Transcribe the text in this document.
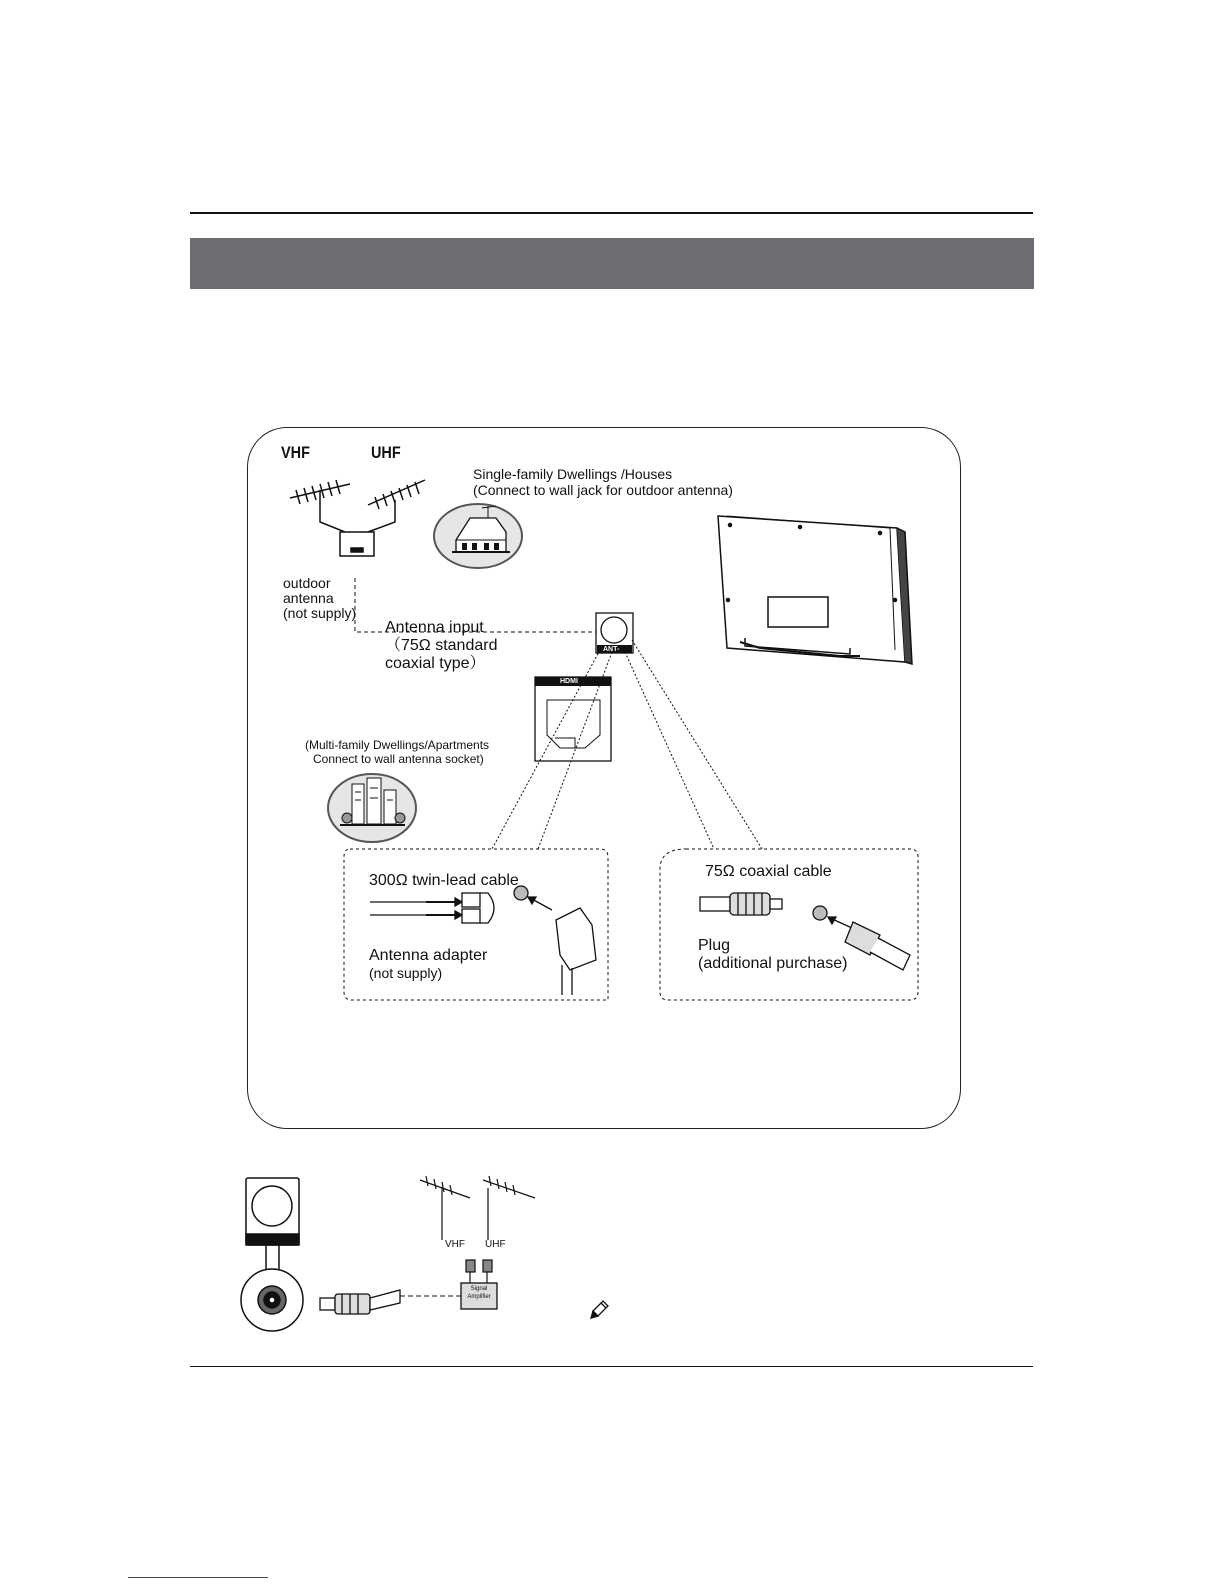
VHF	UHF
Single-family Dwellings /Houses
(Connect to wall jack for outdoor antenna)
outdoor
antenna
(not supply)
Antenna input
（75Ω standard
coaxial type）
ANT-
HDMI
(Multi-family Dwellings/Apartments
Connect to wall antenna socket)
300Ω twin-lead cable
Antenna adapter
(not supply)
75Ω coaxial cable
Plug
(additional purchase)
VHF UHF
Signal
Amplifier
